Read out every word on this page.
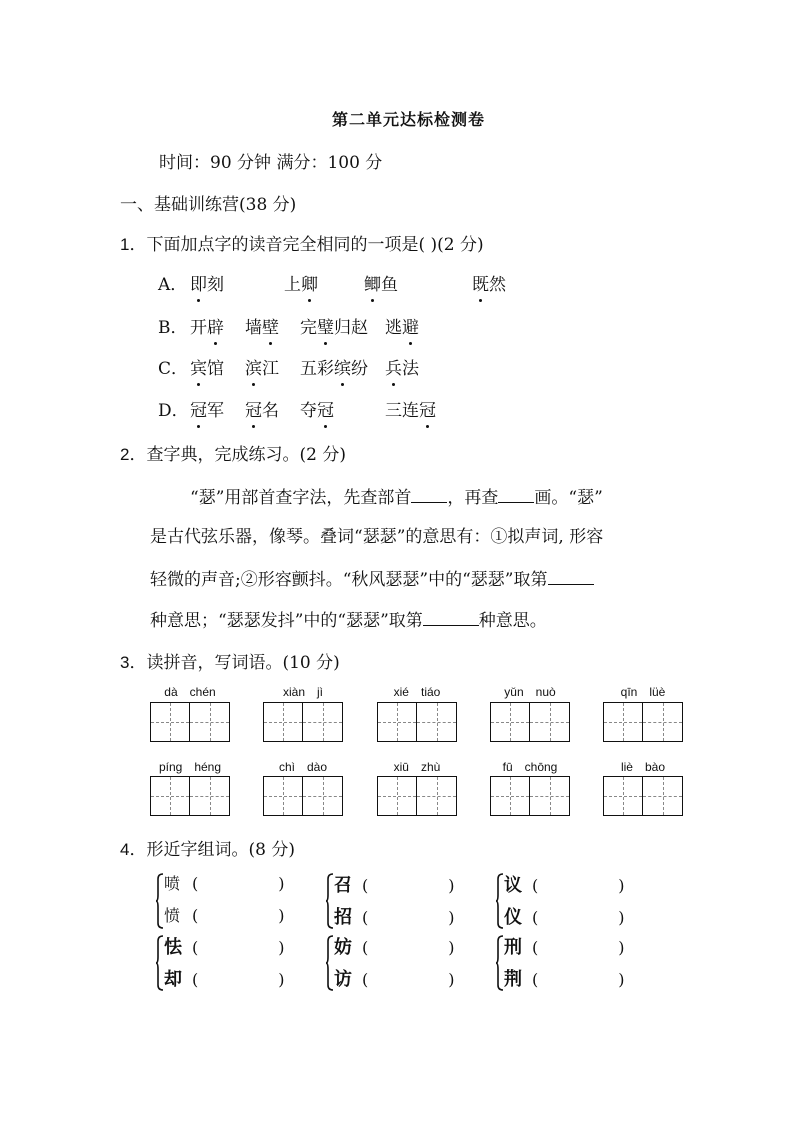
第二单元达标检测卷
时间：90 分钟 满分：100 分
一、基础训练营(38 分)
1．下面加点字的读音完全相同的一项是( )(2 分)
A． 即刻	上卿	鲫鱼	既然
B． 开辟 墙壁 完璧归赵 逃避
C． 宾馆 滨江 五彩缤纷 兵法
D． 冠军 冠名 夺冠	三连冠
2．查字典，完成练习。(2 分)
“瑟”用部首查字法，先查部首 ，再查 画。“瑟”
是古代弦乐器，像琴。叠词“瑟瑟”的意思有：①拟声词, 形容
轻微的声音;②形容颤抖。“秋风瑟瑟”中的“瑟瑟”取第
种意思；“瑟瑟发抖”中的“瑟瑟”取第	种意思。
3．读拼音，写词语。(10 分)
dà chén	xiàn jì	xié tiáo	yǔn nuò	qīn lüè
píng héng	chì dào	xiū zhù	fū chōng	liè bào
4．形近字组词。(8 分)
喷 (	)
愤 (	)
召 (	)
招 (	)
议 (	)
仪 (	)
怯 (	)
却 (	)
妨 (	)
访 (	)
刑 (	)
荆 (	)
